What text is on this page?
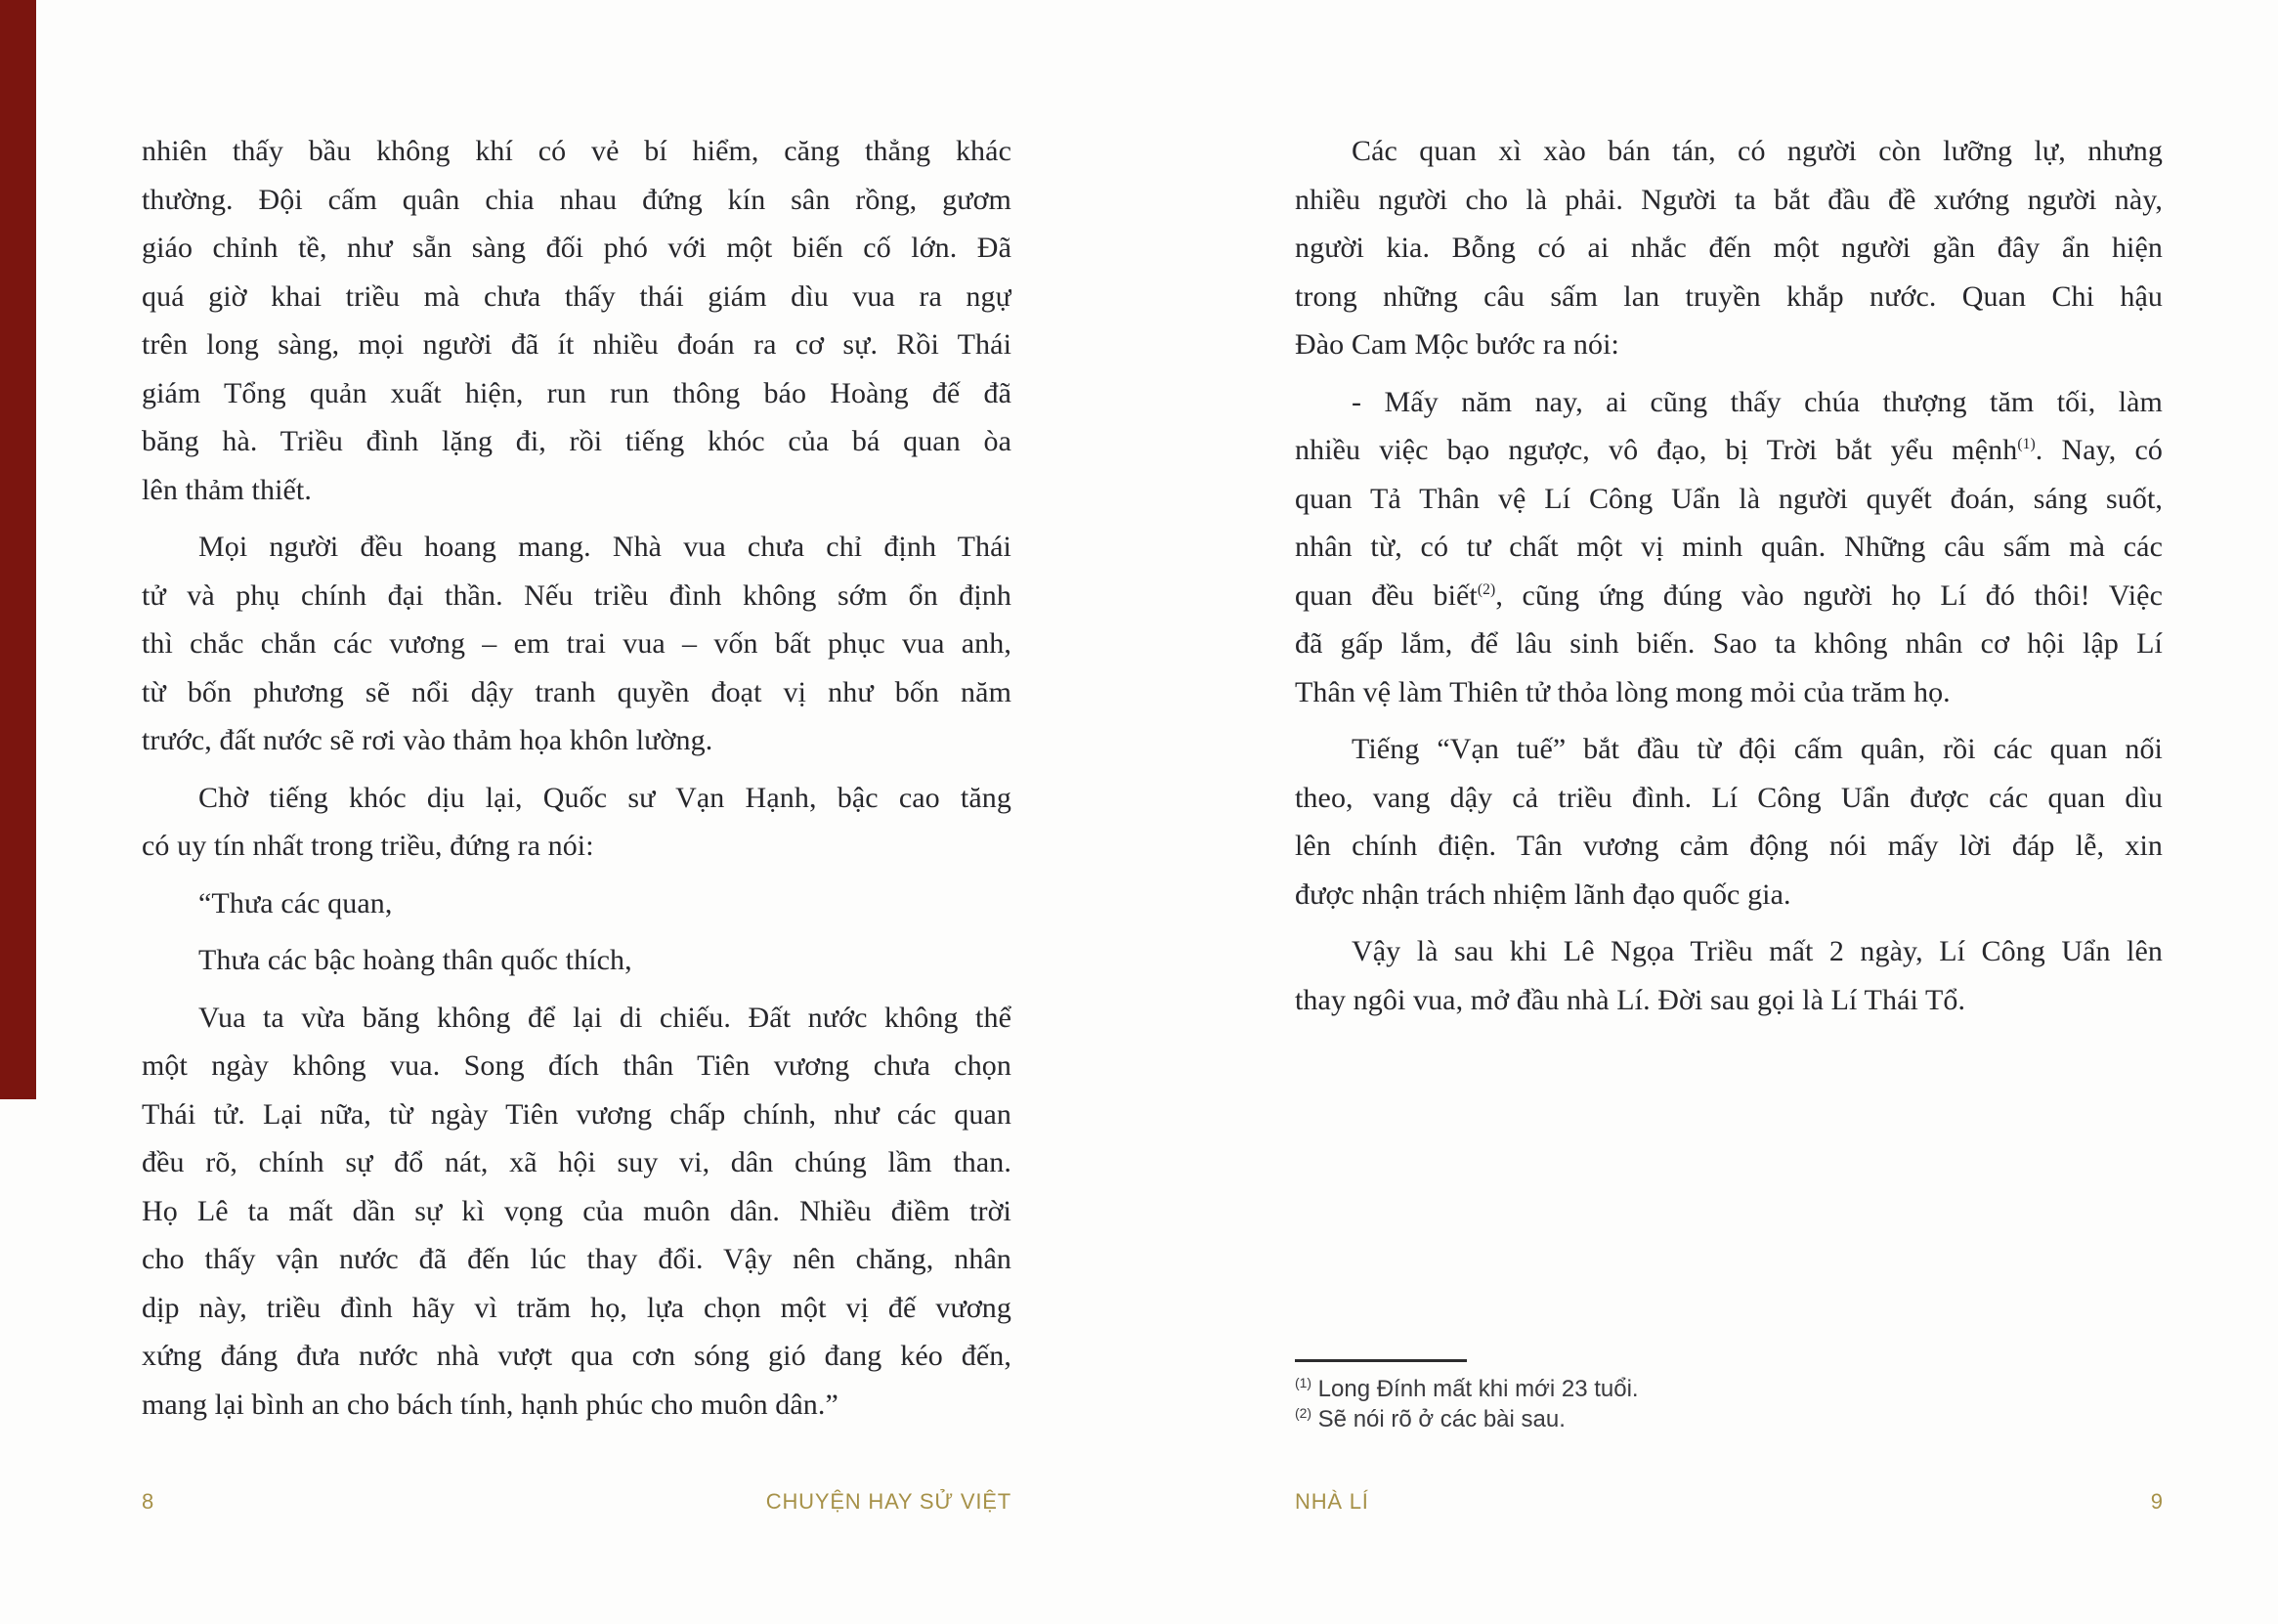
nhiên thấy bầu không khí có vẻ bí hiểm, căng thẳng khác
thường. Đội cấm quân chia nhau đứng kín sân rồng, gươm
giáo chỉnh tề, như sẵn sàng đối phó với một biến cố lớn. Đã
quá giờ khai triều mà chưa thấy thái giám dìu vua ra ngự
trên long sàng, mọi người đã ít nhiều đoán ra cơ sự. Rồi Thái
giám Tổng quản xuất hiện, run run thông báo Hoàng đế đã
băng hà. Triều đình lặng đi, rồi tiếng khóc của bá quan òa
lên thảm thiết.
Mọi người đều hoang mang. Nhà vua chưa chỉ định Thái
tử và phụ chính đại thần. Nếu triều đình không sớm ổn định
thì chắc chắn các vương – em trai vua – vốn bất phục vua anh,
từ bốn phương sẽ nổi dậy tranh quyền đoạt vị như bốn năm
trước, đất nước sẽ rơi vào thảm họa khôn lường.
Chờ tiếng khóc dịu lại, Quốc sư Vạn Hạnh, bậc cao tăng
có uy tín nhất trong triều, đứng ra nói:
“Thưa các quan,
Thưa các bậc hoàng thân quốc thích,
Vua ta vừa băng không để lại di chiếu. Đất nước không thể
một ngày không vua. Song đích thân Tiên vương chưa chọn
Thái tử. Lại nữa, từ ngày Tiên vương chấp chính, như các quan
đều rõ, chính sự đổ nát, xã hội suy vi, dân chúng lầm than.
Họ Lê ta mất dần sự kì vọng của muôn dân. Nhiều điềm trời
cho thấy vận nước đã đến lúc thay đổi. Vậy nên chăng, nhân
dịp này, triều đình hãy vì trăm họ, lựa chọn một vị đế vương
xứng đáng đưa nước nhà vượt qua cơn sóng gió đang kéo đến,
mang lại bình an cho bách tính, hạnh phúc cho muôn dân.”
Các quan xì xào bán tán, có người còn lưỡng lự, nhưng
nhiều người cho là phải. Người ta bắt đầu đề xướng người này,
người kia. Bỗng có ai nhắc đến một người gần đây ẩn hiện
trong những câu sấm lan truyền khắp nước. Quan Chi hậu
Đào Cam Mộc bước ra nói:
- Mấy năm nay, ai cũng thấy chúa thượng tăm tối, làm
nhiều việc bạo ngược, vô đạo, bị Trời bắt yểu mệnh$^{(1)}$. Nay, có
quan Tả Thân vệ Lí Công Uẩn là người quyết đoán, sáng suốt,
nhân từ, có tư chất một vị minh quân. Những câu sấm mà các
quan đều biết$^{(2)}$, cũng ứng đúng vào người họ Lí đó thôi! Việc
đã gấp lắm, để lâu sinh biến. Sao ta không nhân cơ hội lập Lí
Thân vệ làm Thiên tử thỏa lòng mong mỏi của trăm họ.
Tiếng “Vạn tuế” bắt đầu từ đội cấm quân, rồi các quan nối
theo, vang dậy cả triều đình. Lí Công Uẩn được các quan dìu
lên chính điện. Tân vương cảm động nói mấy lời đáp lễ, xin
được nhận trách nhiệm lãnh đạo quốc gia.
Vậy là sau khi Lê Ngọa Triều mất 2 ngày, Lí Công Uẩn lên
thay ngôi vua, mở đầu nhà Lí. Đời sau gọi là Lí Thái Tổ.
$^{(1)}$ Long Đính mất khi mới 23 tuổi.
$^{(2)}$ Sẽ nói rõ ở các bài sau.
8	CHUYỆN HAY SỬ VIỆT	NHÀ LÍ	9
